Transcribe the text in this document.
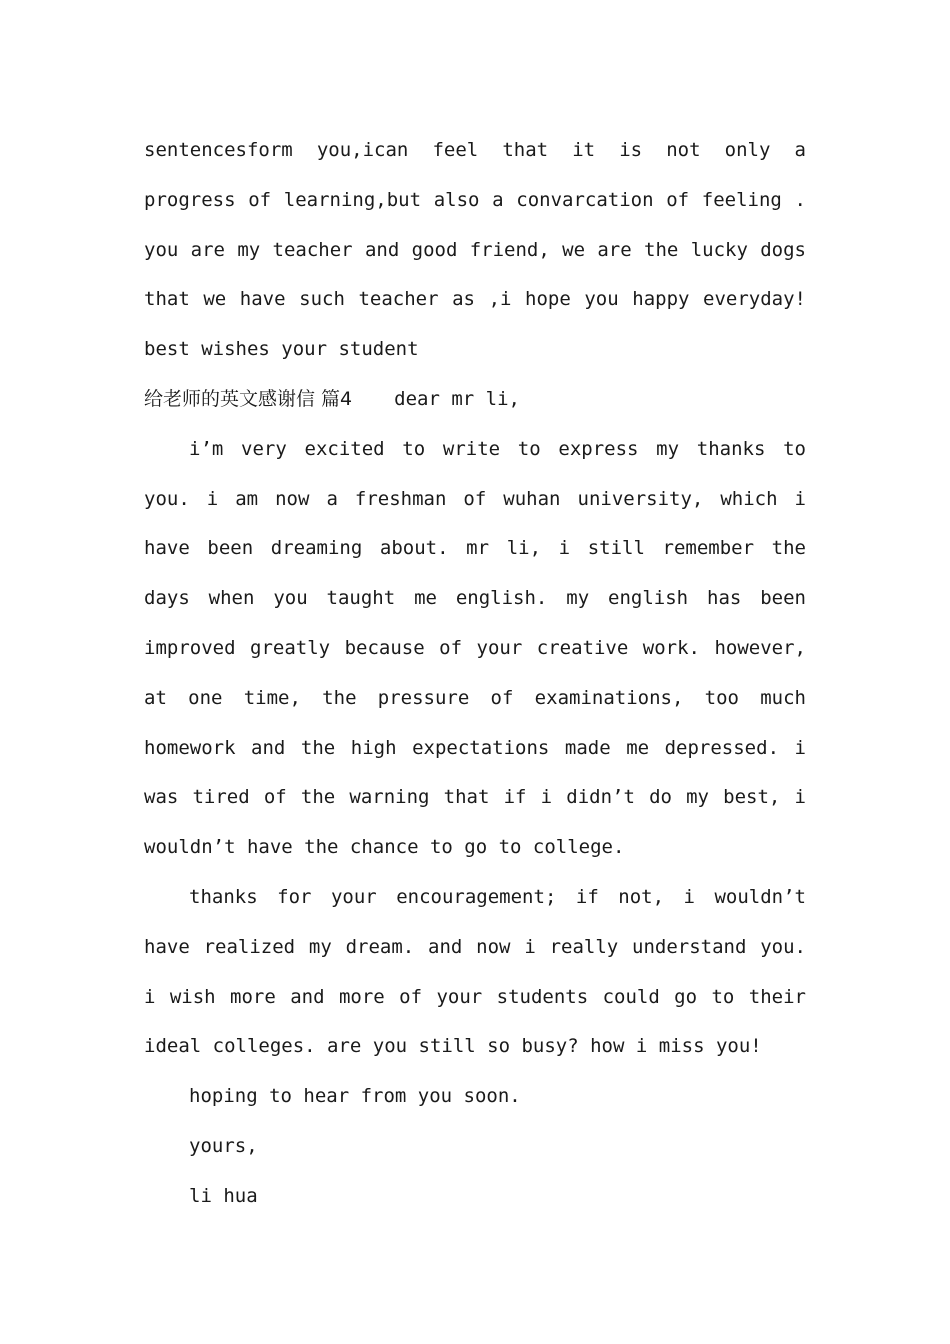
sentencesform you,ican feel that it is not only a progress of learning,but also a convarcation of feeling . you are my teacher and good friend, we are the lucky dogs that we have such teacher as ,i hope you happy everyday! best wishes your student

给老师的英文感谢信 篇4 dear mr li,

i’m very excited to write to express my thanks to you. i am now a freshman of wuhan university, which i have been dreaming about. mr li, i still remember the days when you taught me english. my english has been improved greatly because of your creative work. however, at one time, the pressure of examinations, too much homework and the high expectations made me depressed. i was tired of the warning that if i didn’t do my best, i wouldn’t have the chance to go to college.

thanks for your encouragement; if not, i wouldn’t have realized my dream. and now i really understand you. i wish more and more of your students could go to their ideal colleges. are you still so busy? how i miss you!

hoping to hear from you soon.

yours,

li hua
